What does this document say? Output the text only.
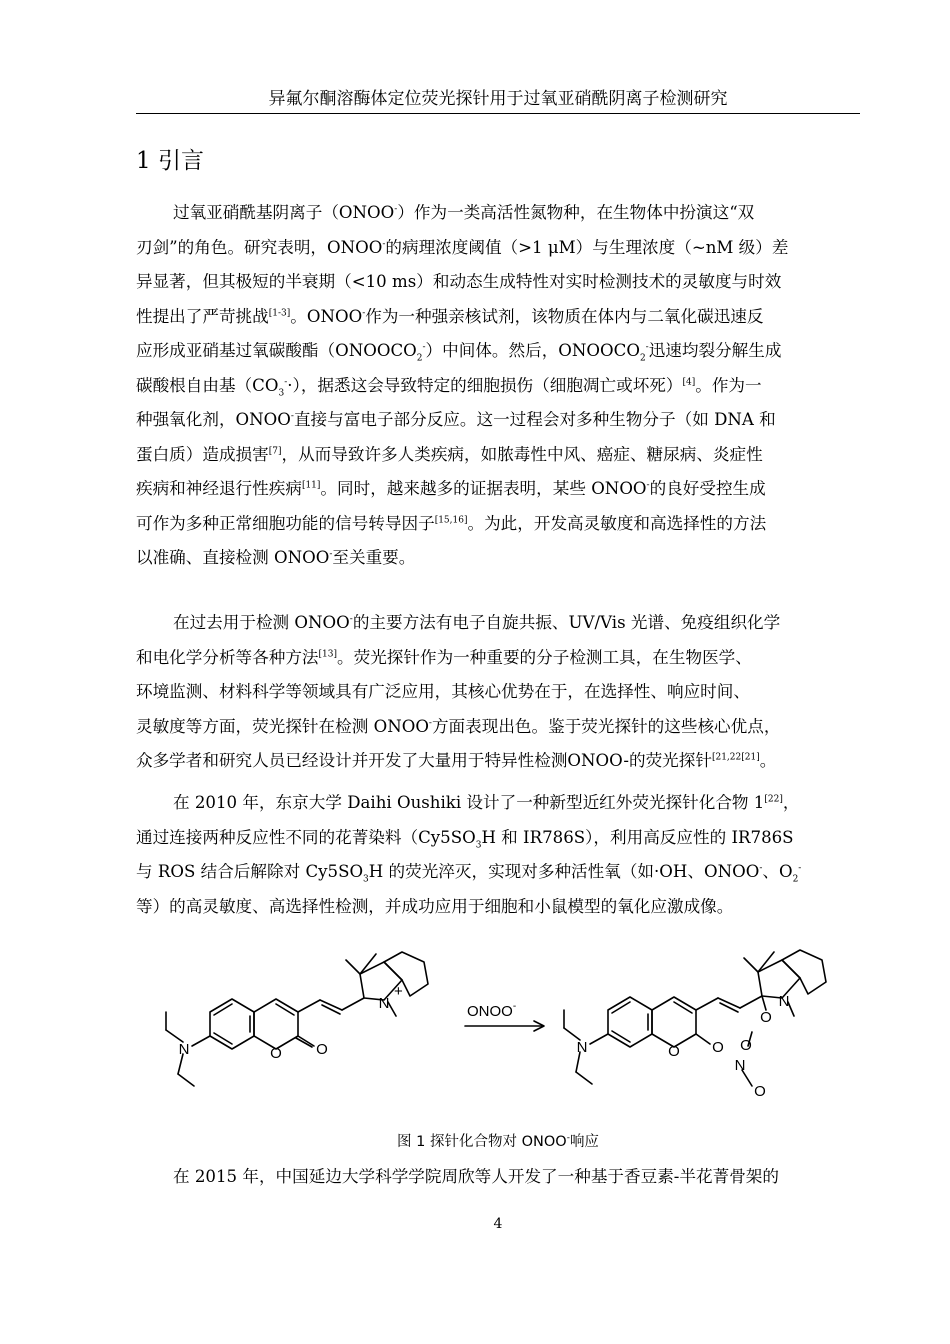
异氟尔酮溶酶体定位荧光探针用于过氧亚硝酰阴离子检测研究
1 引言
过氧亚硝酰基阴离子（ONOO-）作为一类高活性氮物种，在生物体中扮演这“双
刃剑”的角色。研究表明，ONOO-的病理浓度阈值（>1 μM）与生理浓度（~nM 级）差
异显著，但其极短的半衰期（<10 ms）和动态生成特性对实时检测技术的灵敏度与时效
性提出了严苛挑战[1-3]。ONOO-作为一种强亲核试剂，该物质在体内与二氧化碳迅速反
应形成亚硝基过氧碳酸酯$(ONOOCO_2^-)$中间体。然后，$ONOOCO_2^-$迅速均裂分解生成
碳酸根自由基$(CO_3^-\cdot)$，据悉这会导致特定的细胞损伤（细胞凋亡或坏死）[4]。作为一
种强氧化剂，ONOO-直接与富电子部分反应。这一过程会对多种生物分子（如 DNA 和
蛋白质）造成损害[7]，从而导致许多人类疾病，如脓毒性中风、癌症、糖尿病、炎症性
疾病和神经退行性疾病[11]。同时，越来越多的证据表明，某些 ONOO-的良好受控生成
可作为多种正常细胞功能的信号转导因子[15,16]。为此，开发高灵敏度和高选择性的方法
以准确、直接检测 ONOO-至关重要。
在过去用于检测 ONOO-的主要方法有电子自旋共振、UV/Vis 光谱、免疫组织化学
和电化学分析等各种方法[13]。荧光探针作为一种重要的分子检测工具，在生物医学、
环境监测、材料科学等领域具有广泛应用，其核心优势在于，在选择性、响应时间、
灵敏度等方面，荧光探针在检测 ONOO-方面表现出色。鉴于荧光探针的这些核心优点，
众多学者和研究人员已经设计并开发了大量用于特异性检测ONOO-的荧光探针[21,22[21]。
在 2010 年，东京大学 Daihi Oushiki 设计了一种新型近红外荧光探针化合物 1[22]，
通过连接两种反应性不同的花菁染料（$Cy5SO_3H$ 和 IR786S），利用高反应性的 IR786S
与 ROS 结合后解除对 $Cy5SO_3H$ 的荧光淬灭，实现对多种活性氧（如·OH、ONOO-、$O_2^-$
等）的高灵敏度、高选择性检测，并成功应用于细胞和小鼠模型的氧化应激成像。
N	O O
N
+
ONOO-
N	O O
N
O
O
N
O
图 1 探针化合物对 ONOO-响应
在 2015 年，中国延边大学科学学院周欣等人开发了一种基于香豆素-半花菁骨架的
4
